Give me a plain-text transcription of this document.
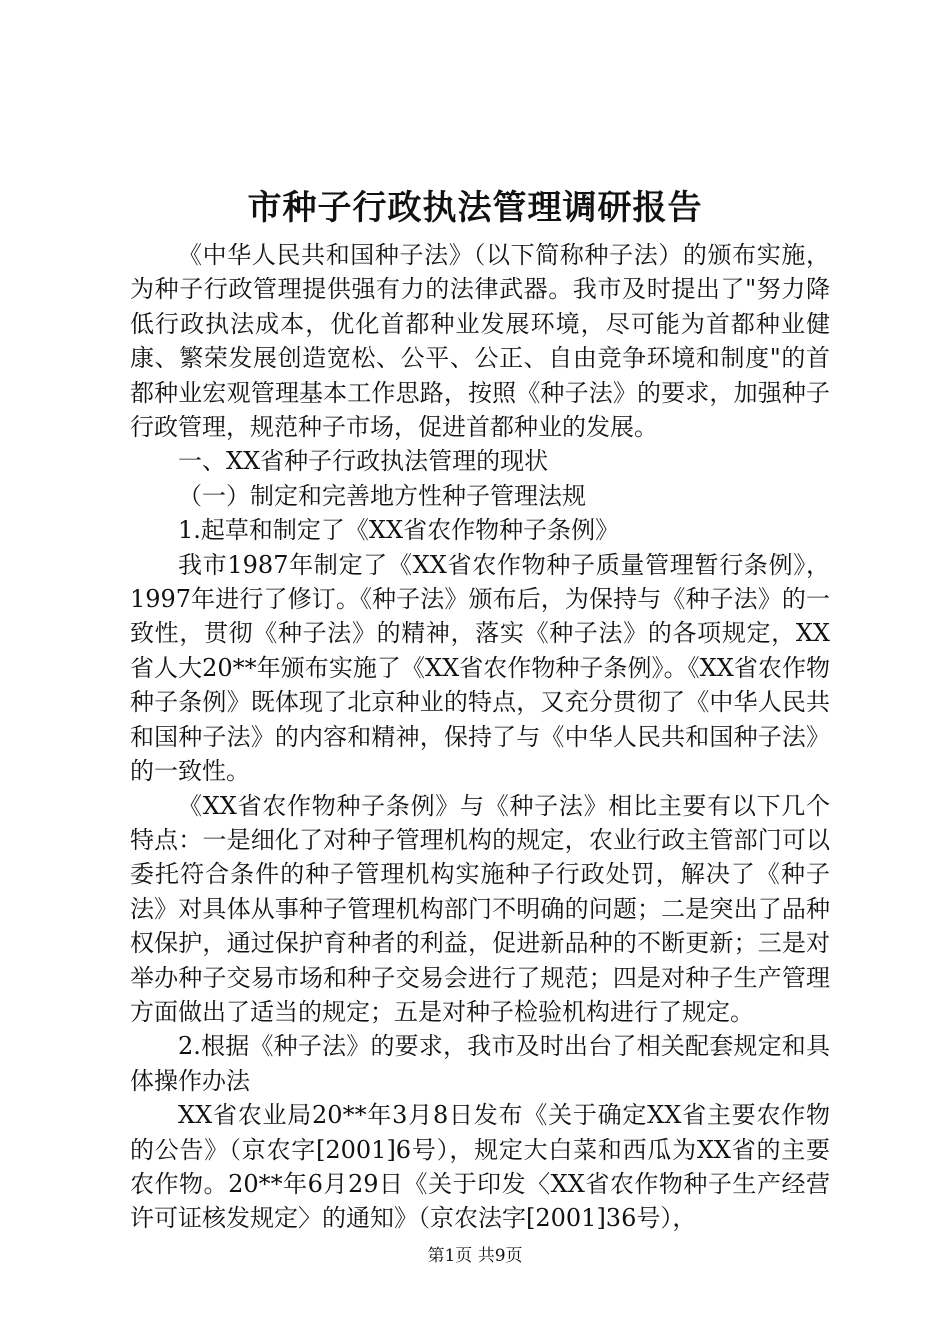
市种子行政执法管理调研报告

《中华人民共和国种子法》（以下简称种子法）的颁布实施，为种子行政管理提供强有力的法律武器。我市及时提出了"努力降低行政执法成本，优化首都种业发展环境，尽可能为首都种业健康、繁荣发展创造宽松、公平、公正、自由竞争环境和制度"的首都种业宏观管理基本工作思路，按照《种子法》的要求，加强种子行政管理，规范种子市场，促进首都种业的发展。

一、XX省种子行政执法管理的现状

（一）制定和完善地方性种子管理法规

1.起草和制定了《XX省农作物种子条例》

我市1987年制定了《XX省农作物种子质量管理暂行条例》，1997年进行了修订。《种子法》颁布后，为保持与《种子法》的一致性，贯彻《种子法》的精神，落实《种子法》的各项规定，XX省人大20**年颁布实施了《XX省农作物种子条例》。《XX省农作物种子条例》既体现了北京种业的特点，又充分贯彻了《中华人民共和国种子法》的内容和精神，保持了与《中华人民共和国种子法》的一致性。

《XX省农作物种子条例》与《种子法》相比主要有以下几个特点：一是细化了对种子管理机构的规定，农业行政主管部门可以委托符合条件的种子管理机构实施种子行政处罚，解决了《种子法》对具体从事种子管理机构部门不明确的问题；二是突出了品种权保护，通过保护育种者的利益，促进新品种的不断更新；三是对举办种子交易市场和种子交易会进行了规范；四是对种子生产管理方面做出了适当的规定；五是对种子检验机构进行了规定。

2.根据《种子法》的要求，我市及时出台了相关配套规定和具体操作办法

XX省农业局20**年3月8日发布《关于确定XX省主要农作物的公告》（京农字[2001]6号），规定大白菜和西瓜为XX省的主要农作物。20**年6月29日《关于印发〈XX省农作物种子生产经营许可证核发规定〉的通知》（京农法字[2001]36号），

第1页 共9页
